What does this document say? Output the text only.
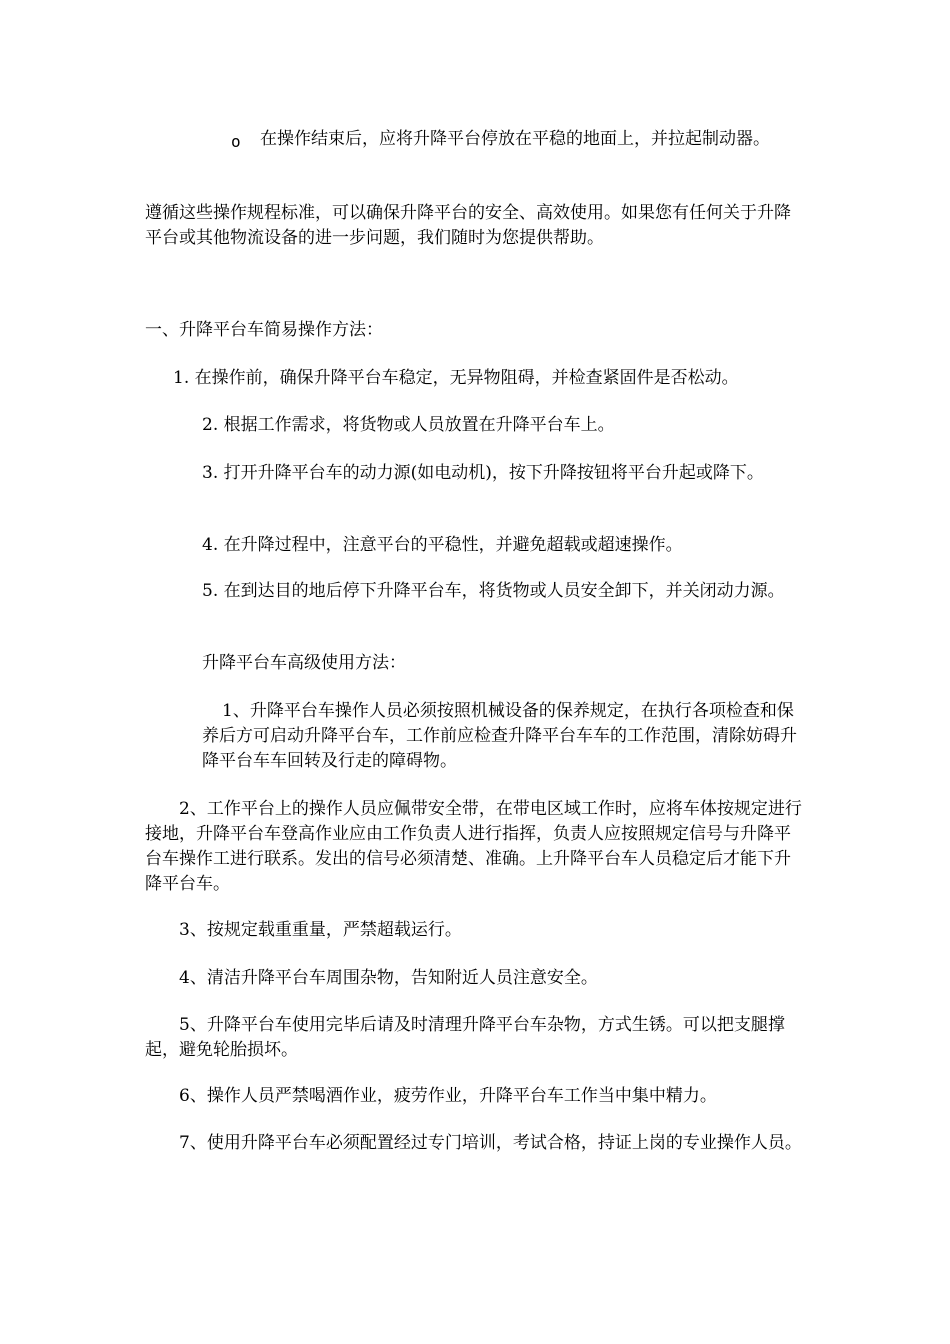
o 在操作结束后，应将升降平台停放在平稳的地面上，并拉起制动器。

遵循这些操作规程标准，可以确保升降平台的安全、高效使用。如果您有任何关于升降平台或其他物流设备的进一步问题，我们随时为您提供帮助。

一、升降平台车简易操作方法：

1. 在操作前，确保升降平台车稳定，无异物阻碍，并检查紧固件是否松动。

2. 根据工作需求，将货物或人员放置在升降平台车上。

3. 打开升降平台车的动力源(如电动机)，按下升降按钮将平台升起或降下。

4. 在升降过程中，注意平台的平稳性，并避免超载或超速操作。

5. 在到达目的地后停下升降平台车，将货物或人员安全卸下，并关闭动力源。

升降平台车高级使用方法：

1、升降平台车操作人员必须按照机械设备的保养规定，在执行各项检查和保养后方可启动升降平台车，工作前应检查升降平台车车的工作范围，清除妨碍升降平台车车回转及行走的障碍物。

2、工作平台上的操作人员应佩带安全带，在带电区域工作时，应将车体按规定进行接地，升降平台车登高作业应由工作负责人进行指挥，负责人应按照规定信号与升降平台车操作工进行联系。发出的信号必须清楚、准确。上升降平台车人员稳定后才能下升降平台车。

3、按规定载重重量，严禁超载运行。

4、清洁升降平台车周围杂物，告知附近人员注意安全。

5、升降平台车使用完毕后请及时清理升降平台车杂物，方式生锈。可以把支腿撑起，避免轮胎损坏。

6、操作人员严禁喝酒作业，疲劳作业，升降平台车工作当中集中精力。

7、使用升降平台车必须配置经过专门培训，考试合格，持证上岗的专业操作人员。
